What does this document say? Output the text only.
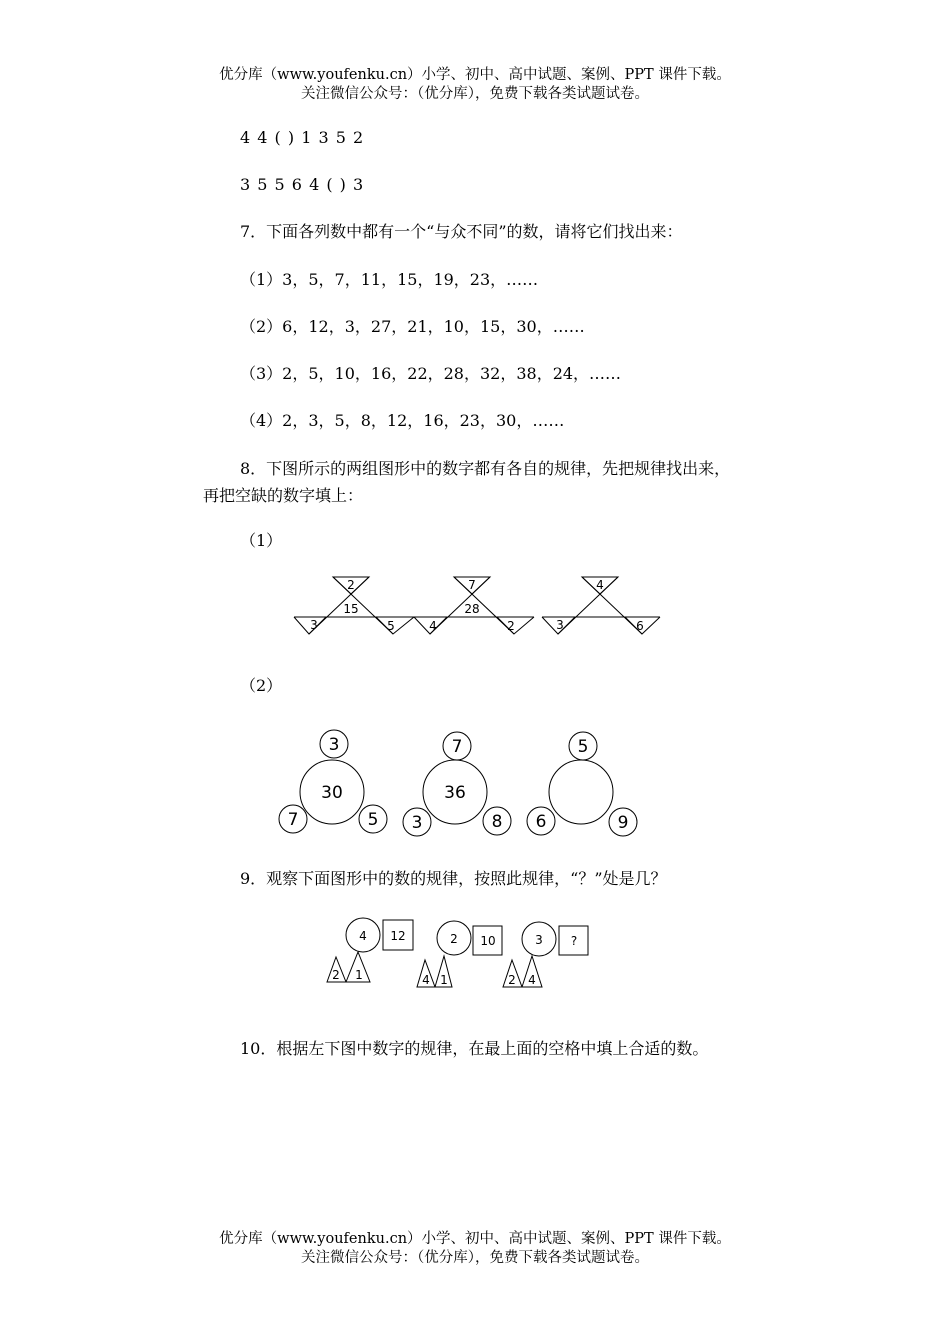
优分库（www.youfenku.cn）小学、初中、高中试题、案例、PPT 课件下载。
关注微信公众号：（优分库），免费下载各类试题试卷。
4 4 ( ) 1 3 5 2
3 5 5 6 4 ( ) 3
7．下面各列数中都有一个“与众不同”的数，请将它们找出来：
（1）3，5，7，11，15，19，23，……
（2）6，12，3，27，21，10，15，30，……
（3）2，5，10，16，22，28，32，38，24，……
（4）2，3，5，8，12，16，23，30，……
8．下图所示的两组图形中的数字都有各自的规律，先把规律找出来，
再把空缺的数字填上：
（1）
2
15
3	5
7
28
4	2
4
3	6
（2）
3
30
7	5
7
36
3	8
5
6	9
9．观察下面图形中的数的规律，按照此规律，“？”处是几？
4 12
2 1
2 10
4 1
3 ?
2 4
10．根据左下图中数字的规律，在最上面的空格中填上合适的数。
优分库（www.youfenku.cn）小学、初中、高中试题、案例、PPT 课件下载。
关注微信公众号：（优分库），免费下载各类试题试卷。
